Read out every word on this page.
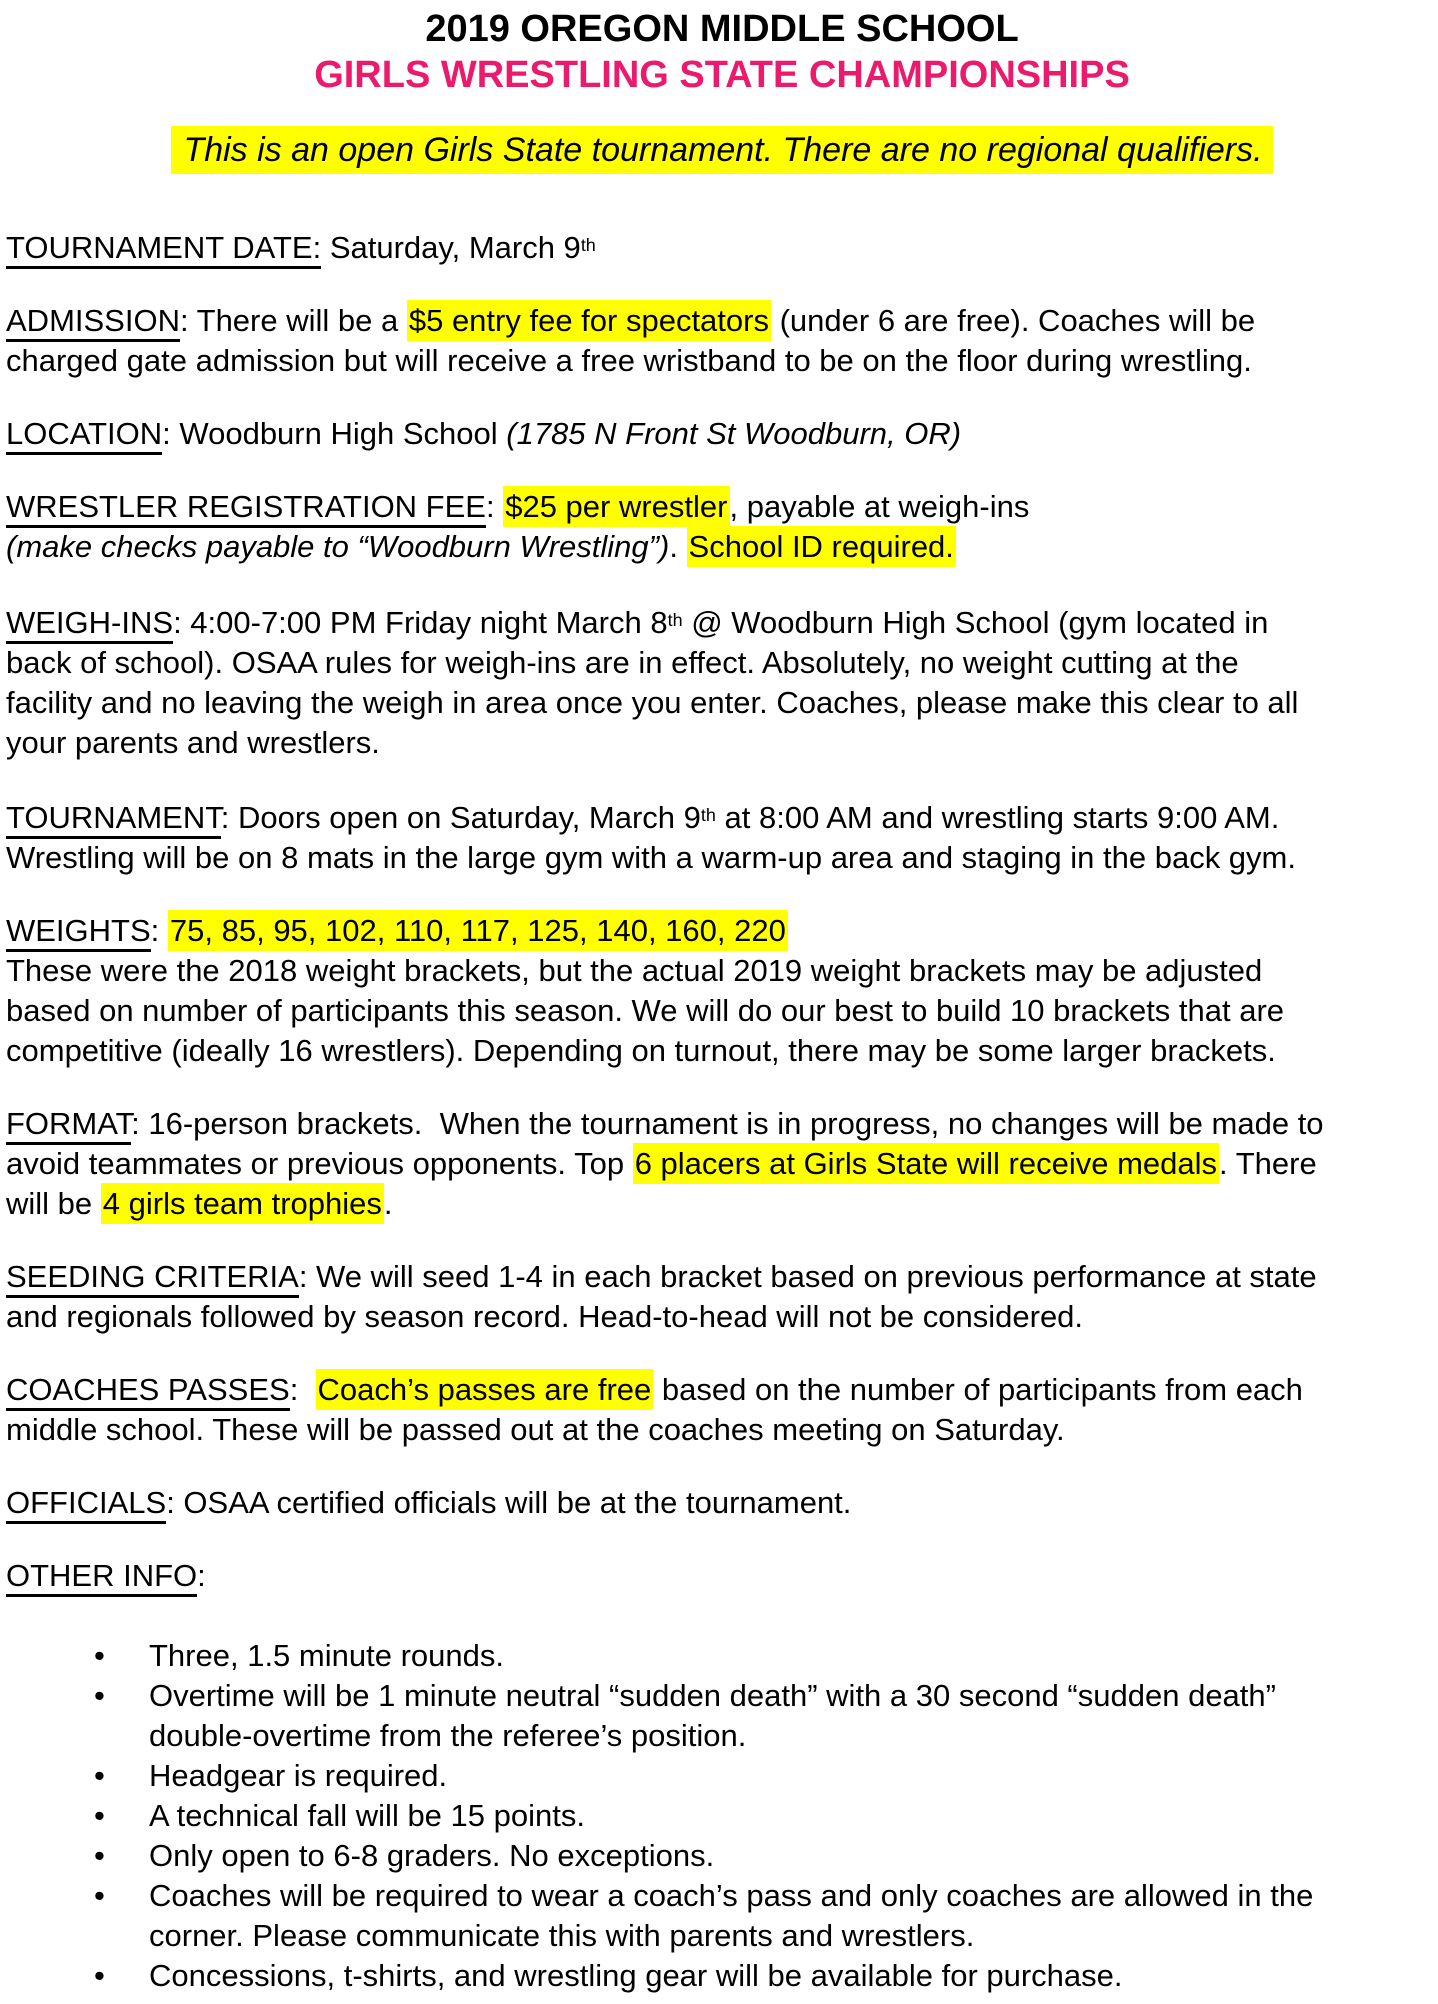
2019 OREGON MIDDLE SCHOOL
GIRLS WRESTLING STATE CHAMPIONSHIPS
This is an open Girls State tournament. There are no regional qualifiers.

TOURNAMENT DATE: Saturday, March 9th

ADMISSION: There will be a $5 entry fee for spectators (under 6 are free). Coaches will be charged gate admission but will receive a free wristband to be on the floor during wrestling.

LOCATION: Woodburn High School (1785 N Front St Woodburn, OR)

WRESTLER REGISTRATION FEE: $25 per wrestler, payable at weigh-ins (make checks payable to “Woodburn Wrestling”). School ID required.

WEIGH-INS: 4:00-7:00 PM Friday night March 8th @ Woodburn High School (gym located in back of school). OSAA rules for weigh-ins are in effect. Absolutely, no weight cutting at the facility and no leaving the weigh in area once you enter. Coaches, please make this clear to all your parents and wrestlers.

TOURNAMENT: Doors open on Saturday, March 9th at 8:00 AM and wrestling starts 9:00 AM. Wrestling will be on 8 mats in the large gym with a warm-up area and staging in the back gym.

WEIGHTS: 75, 85, 95, 102, 110, 117, 125, 140, 160, 220 These were the 2018 weight brackets, but the actual 2019 weight brackets may be adjusted based on number of participants this season. We will do our best to build 10 brackets that are competitive (ideally 16 wrestlers). Depending on turnout, there may be some larger brackets.

FORMAT: 16-person brackets.  When the tournament is in progress, no changes will be made to avoid teammates or previous opponents. Top 6 placers at Girls State will receive medals. There will be 4 girls team trophies.

SEEDING CRITERIA: We will seed 1-4 in each bracket based on previous performance at state and regionals followed by season record. Head-to-head will not be considered.

COACHES PASSES:  Coach’s passes are free based on the number of participants from each middle school. These will be passed out at the coaches meeting on Saturday.

OFFICIALS: OSAA certified officials will be at the tournament.

OTHER INFO:

• Three, 1.5 minute rounds.
• Overtime will be 1 minute neutral “sudden death” with a 30 second “sudden death” double-overtime from the referee’s position.
• Headgear is required.
• A technical fall will be 15 points.
• Only open to 6-8 graders. No exceptions.
• Coaches will be required to wear a coach’s pass and only coaches are allowed in the corner. Please communicate this with parents and wrestlers.
• Concessions, t-shirts, and wrestling gear will be available for purchase.
